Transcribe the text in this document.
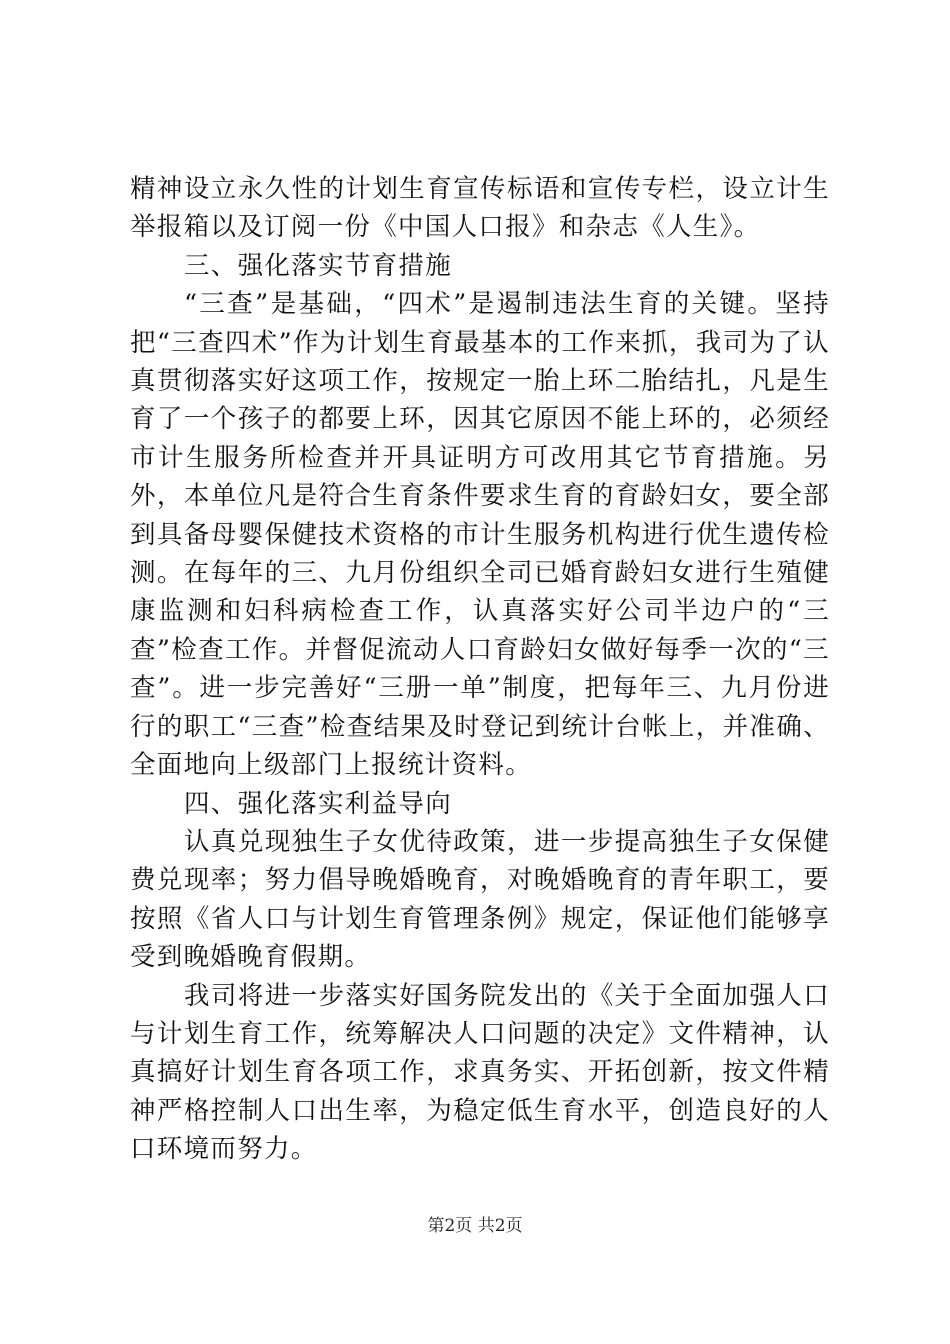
精神设立永久性的计划生育宣传标语和宣传专栏，设立计生举报箱以及订阅一份《中国人口报》和杂志《人生》。

三、强化落实节育措施

“三查”是基础，“四术”是遏制违法生育的关键。坚持把“三查四术”作为计划生育最基本的工作来抓，我司为了认真贯彻落实好这项工作，按规定一胎上环二胎结扎，凡是生育了一个孩子的都要上环，因其它原因不能上环的，必须经市计生服务所检查并开具证明方可改用其它节育措施。另外，本单位凡是符合生育条件要求生育的育龄妇女，要全部到具备母婴保健技术资格的市计生服务机构进行优生遗传检测。在每年的三、九月份组织全司已婚育龄妇女进行生殖健康监测和妇科病检查工作，认真落实好公司半边户的“三查”检查工作。并督促流动人口育龄妇女做好每季一次的“三查”。进一步完善好“三册一单”制度，把每年三、九月份进行的职工“三查”检查结果及时登记到统计台帐上，并准确、全面地向上级部门上报统计资料。

四、强化落实利益导向

认真兑现独生子女优待政策，进一步提高独生子女保健费兑现率；努力倡导晚婚晚育，对晚婚晚育的青年职工，要按照《省人口与计划生育管理条例》规定，保证他们能够享受到晚婚晚育假期。

我司将进一步落实好国务院发出的《关于全面加强人口与计划生育工作，统筹解决人口问题的决定》文件精神，认真搞好计划生育各项工作，求真务实、开拓创新，按文件精神严格控制人口出生率，为稳定低生育水平，创造良好的人口环境而努力。

第2页 共2页
